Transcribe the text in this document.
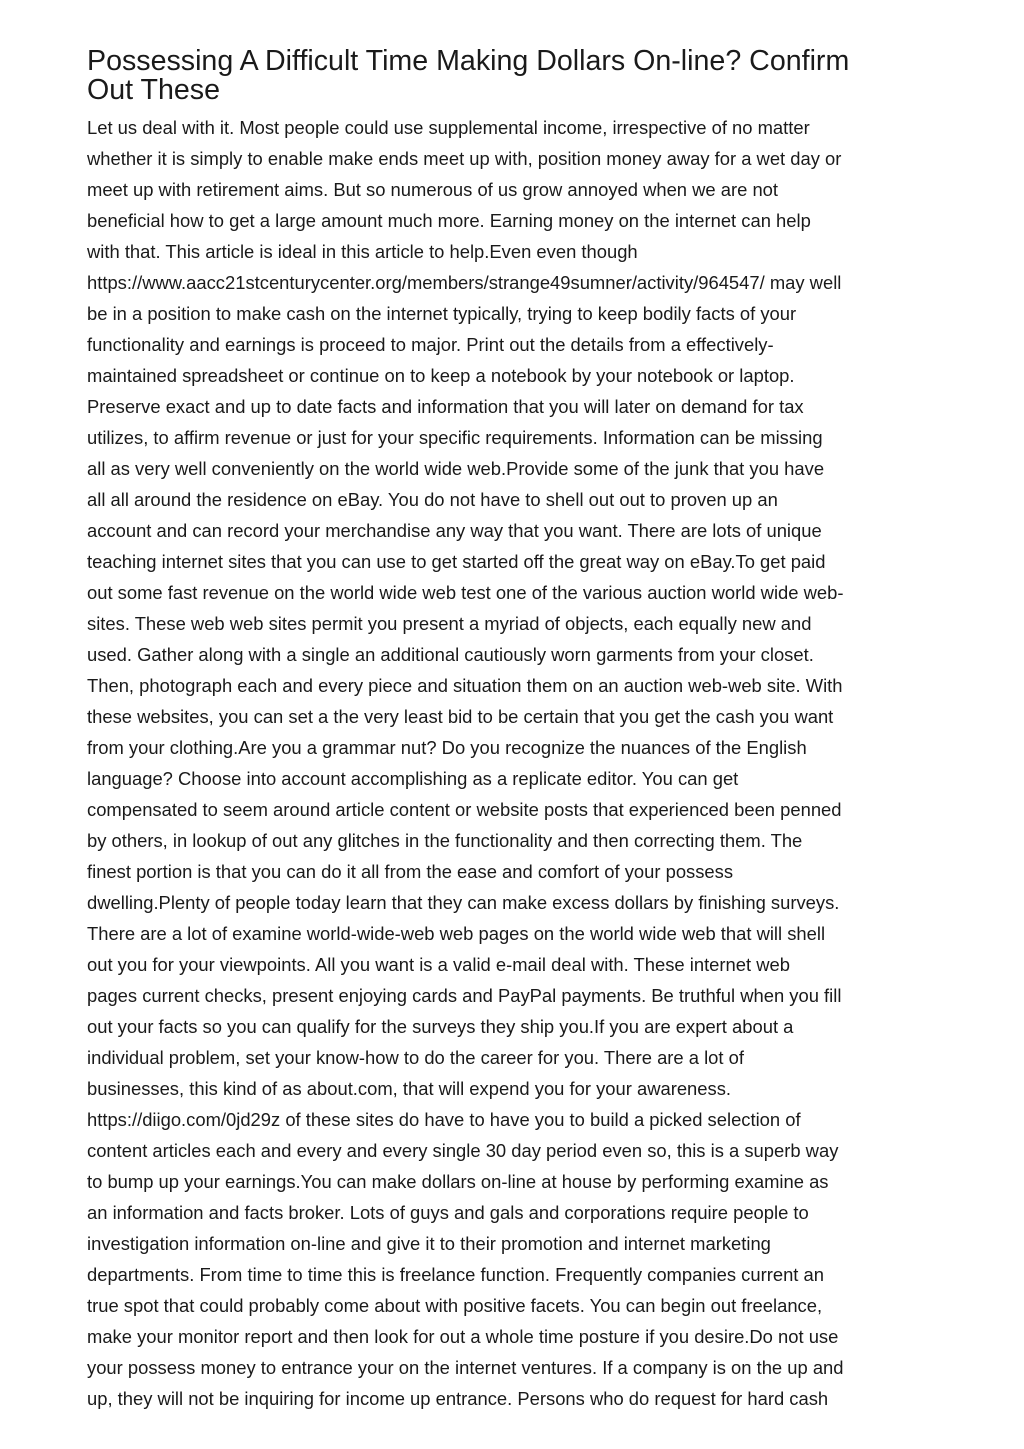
Possessing A Difficult Time Making Dollars On-line? Confirm
Out These
Let us deal with it. Most people could use supplemental income, irrespective of no matter
whether it is simply to enable make ends meet up with, position money away for a wet day or
meet up with retirement aims. But so numerous of us grow annoyed when we are not
beneficial how to get a large amount much more. Earning money on the internet can help
with that. This article is ideal in this article to help.Even even though
https://www.aacc21stcenturycenter.org/members/strange49sumner/activity/964547/ may well
be in a position to make cash on the internet typically, trying to keep bodily facts of your
functionality and earnings is proceed to major. Print out the details from a effectively-
maintained spreadsheet or continue on to keep a notebook by your notebook or laptop.
Preserve exact and up to date facts and information that you will later on demand for tax
utilizes, to affirm revenue or just for your specific requirements. Information can be missing
all as very well conveniently on the world wide web.Provide some of the junk that you have
all all around the residence on eBay. You do not have to shell out out to proven up an
account and can record your merchandise any way that you want. There are lots of unique
teaching internet sites that you can use to get started off the great way on eBay.To get paid
out some fast revenue on the world wide web test one of the various auction world wide web-
sites. These web web sites permit you present a myriad of objects, each equally new and
used. Gather along with a single an additional cautiously worn garments from your closet.
Then, photograph each and every piece and situation them on an auction web-web site. With
these websites, you can set a the very least bid to be certain that you get the cash you want
from your clothing.Are you a grammar nut? Do you recognize the nuances of the English
language? Choose into account accomplishing as a replicate editor. You can get
compensated to seem around article content or website posts that experienced been penned
by others, in lookup of out any glitches in the functionality and then correcting them. The
finest portion is that you can do it all from the ease and comfort of your possess
dwelling.Plenty of people today learn that they can make excess dollars by finishing surveys.
There are a lot of examine world-wide-web web pages on the world wide web that will shell
out you for your viewpoints. All you want is a valid e-mail deal with. These internet web
pages current checks, present enjoying cards and PayPal payments. Be truthful when you fill
out your facts so you can qualify for the surveys they ship you.If you are expert about a
individual problem, set your know-how to do the career for you. There are a lot of
businesses, this kind of as about.com, that will expend you for your awareness.
https://diigo.com/0jd29z of these sites do have to have you to build a picked selection of
content articles each and every and every single 30 day period even so, this is a superb way
to bump up your earnings.You can make dollars on-line at house by performing examine as
an information and facts broker. Lots of guys and gals and corporations require people to
investigation information on-line and give it to their promotion and internet marketing
departments. From time to time this is freelance function. Frequently companies current an
true spot that could probably come about with positive facets. You can begin out freelance,
make your monitor report and then look for out a whole time posture if you desire.Do not use
your possess money to entrance your on the internet ventures. If a company is on the up and
up, they will not be inquiring for income up entrance. Persons who do request for hard cash
